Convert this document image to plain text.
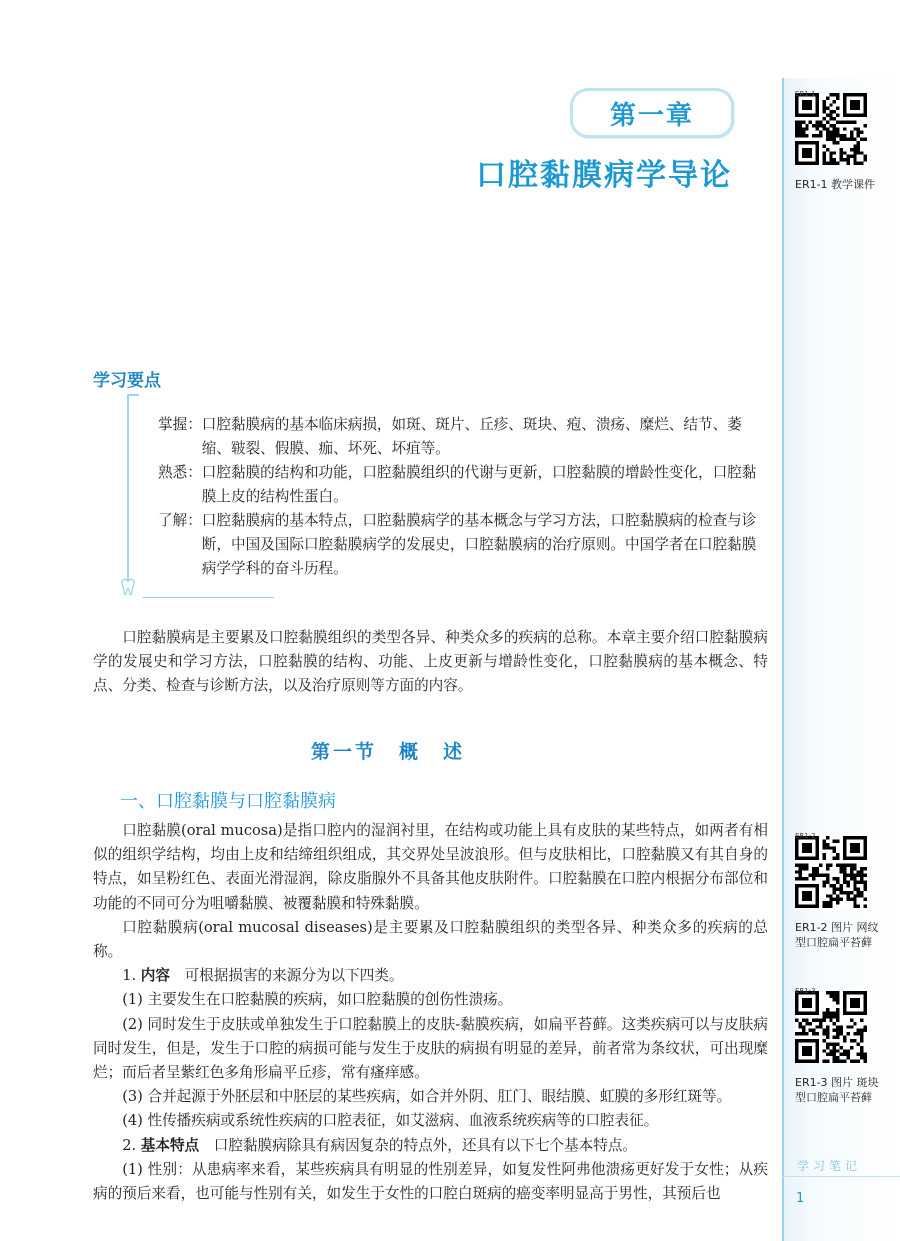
第一章
口腔黏膜病学导论
学习要点
掌握： 口腔黏膜病的基本临床病损，如斑、斑片、丘疹、斑块、疱、溃疡、糜烂、结节、萎缩、皲裂、假膜、痂、坏死、坏疽等。
熟悉： 口腔黏膜的结构和功能，口腔黏膜组织的代谢与更新，口腔黏膜的增龄性变化，口腔黏膜上皮的结构性蛋白。
了解： 口腔黏膜病的基本特点，口腔黏膜病学的基本概念与学习方法，口腔黏膜病的检查与诊断，中国及国际口腔黏膜病学的发展史，口腔黏膜病的治疗原则。中国学者在口腔黏膜病学学科的奋斗历程。

口腔黏膜病是主要累及口腔黏膜组织的类型各异、种类众多的疾病的总称。本章主要介绍口腔黏膜病学的发展史和学习方法，口腔黏膜的结构、功能、上皮更新与增龄性变化，口腔黏膜病的基本概念、特点、分类、检查与诊断方法，以及治疗原则等方面的内容。

第一节　概　述
一、口腔黏膜与口腔黏膜病

口腔黏膜(oral mucosa)是指口腔内的湿润衬里，在结构或功能上具有皮肤的某些特点，如两者有相似的组织学结构，均由上皮和结缔组织组成，其交界处呈波浪形。但与皮肤相比，口腔黏膜又有其自身的特点，如呈粉红色、表面光滑湿润，除皮脂腺外不具备其他皮肤附件。口腔黏膜在口腔内根据分布部位和功能的不同可分为咀嚼黏膜、被覆黏膜和特殊黏膜。

口腔黏膜病(oral mucosal diseases)是主要累及口腔黏膜组织的类型各异、种类众多的疾病的总称。

1. 内容　可根据损害的来源分为以下四类。

(1) 主要发生在口腔黏膜的疾病，如口腔黏膜的创伤性溃疡。

(2) 同时发生于皮肤或单独发生于口腔黏膜上的皮肤-黏膜疾病，如扁平苔藓。这类疾病可以与皮肤病同时发生，但是，发生于口腔的病损可能与发生于皮肤的病损有明显的差异，前者常为条纹状，可出现糜烂；而后者呈紫红色多角形扁平丘疹，常有瘙痒感。

(3) 合并起源于外胚层和中胚层的某些疾病，如合并外阴、肛门、眼结膜、虹膜的多形红斑等。

(4) 性传播疾病或系统性疾病的口腔表征，如艾滋病、血液系统疾病等的口腔表征。

2. 基本特点　口腔黏膜病除具有病因复杂的特点外，还具有以下七个基本特点。

(1) 性别：从患病率来看，某些疾病具有明显的性别差异，如复发性阿弗他溃疡更好发于女性；从疾病的预后来看，也可能与性别有关，如发生于女性的口腔白斑病的癌变率明显高于男性，其预后也

ER1-1
ER1-1 教学课件
ER1-2
ER1-2 图片 网纹型口腔扁平苔藓
ER1-3
ER1-3 图片 斑块型口腔扁平苔藓
学习笔记
1
